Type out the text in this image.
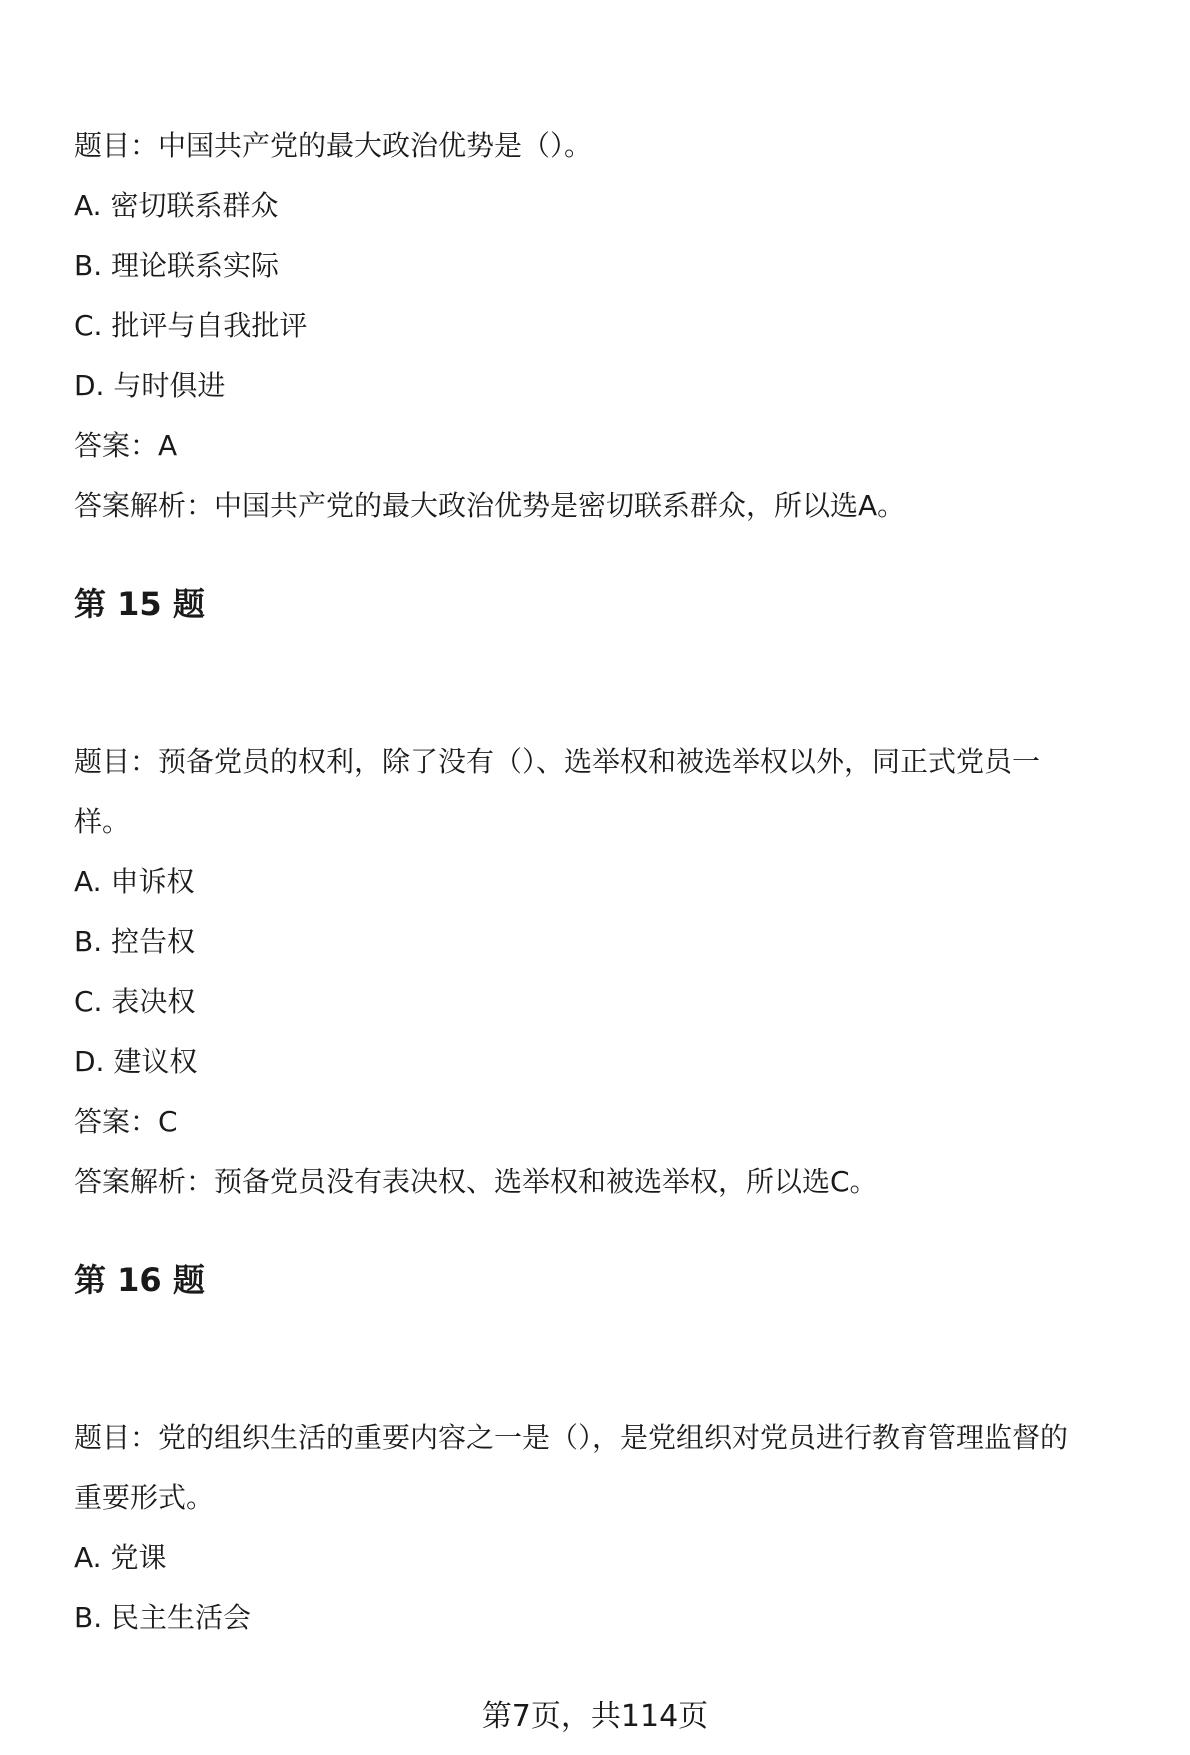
题目：中国共产党的最大政治优势是（）。
A. 密切联系群众
B. 理论联系实际
C. 批评与自我批评
D. 与时俱进
答案：A
答案解析：中国共产党的最大政治优势是密切联系群众，所以选A。
第 15 题
题目：预备党员的权利，除了没有（）、选举权和被选举权以外，同正式党员一
样。
A. 申诉权
B. 控告权
C. 表决权
D. 建议权
答案：C
答案解析：预备党员没有表决权、选举权和被选举权，所以选C。
第 16 题
题目：党的组织生活的重要内容之一是（），是党组织对党员进行教育管理监督的
重要形式。
A. 党课
B. 民主生活会
第7页，共114页
